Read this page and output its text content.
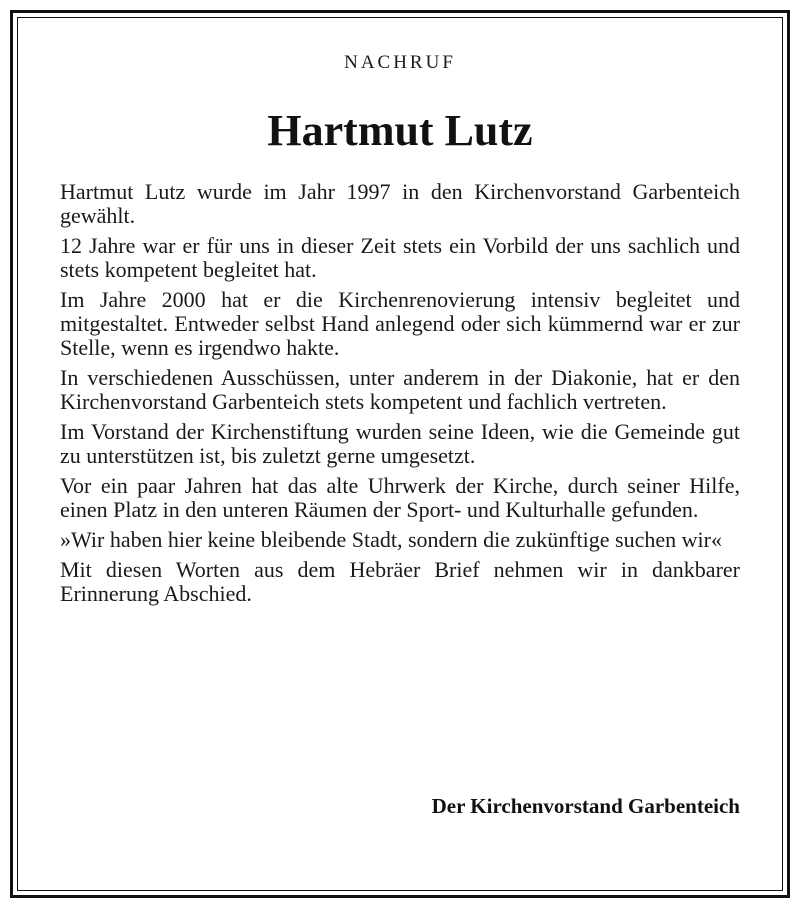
NACHRUF
Hartmut Lutz

Hartmut Lutz wurde im Jahr 1997 in den Kirchenvorstand Garbenteich gewählt.

12 Jahre war er für uns in dieser Zeit stets ein Vorbild der uns sachlich und stets kompetent begleitet hat.

Im Jahre 2000 hat er die Kirchenrenovierung intensiv begleitet und mitgestaltet. Entweder selbst Hand anlegend oder sich kümmernd war er zur Stelle, wenn es irgendwo hakte.

In verschiedenen Ausschüssen, unter anderem in der Diakonie, hat er den Kirchenvorstand Garbenteich stets kompetent und fachlich vertreten.

Im Vorstand der Kirchenstiftung wurden seine Ideen, wie die Gemeinde gut zu unterstützen ist, bis zuletzt gerne umgesetzt.

Vor ein paar Jahren hat das alte Uhrwerk der Kirche, durch seiner Hilfe, einen Platz in den unteren Räumen der Sport- und Kulturhalle gefunden.

»Wir haben hier keine bleibende Stadt, sondern die zukünftige suchen wir«

Mit diesen Worten aus dem Hebräer Brief nehmen wir in dankbarer Erinnerung Abschied.

Der Kirchenvorstand Garbenteich
